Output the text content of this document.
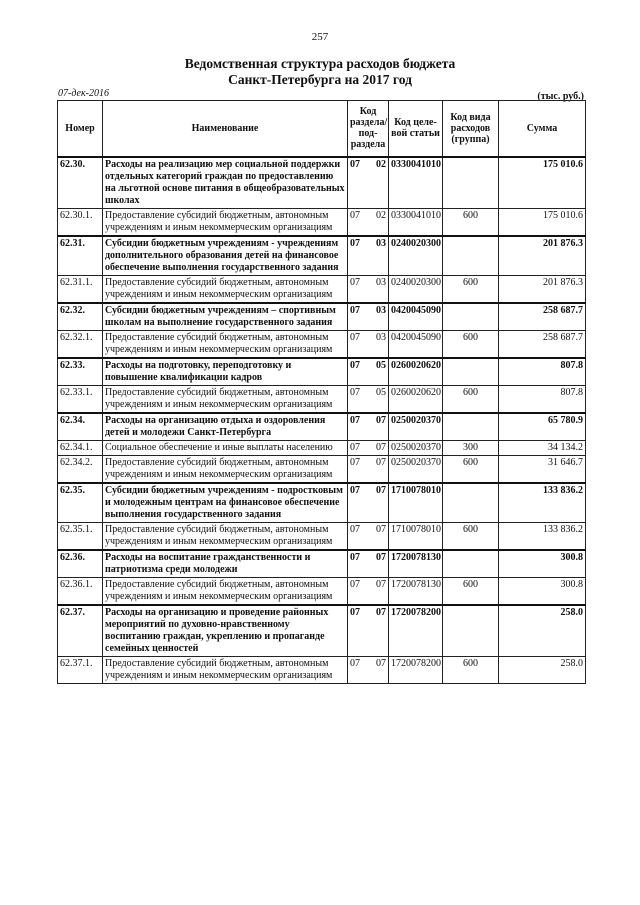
257
Ведомственная структура расходов бюджета
Санкт-Петербурга на 2017 год
07-дек-2016	(тыс. руб.)
Номер	Наименование	Код раздела/ под-раздела	Код целе-вой статьи	Код вида расходов (группа)	Сумма
62.30.	Расходы на реализацию мер социальной поддержки отдельных категорий граждан по предоставлению на льготной основе питания в общеобразовательных школах	07 02	0330041010		175 010.6
62.30.1.	Предоставление субсидий бюджетным, автономным учреждениям и иным некоммерческим организациям	07 02	0330041010	600	175 010.6
62.31.	Субсидии бюджетным учреждениям - учреждениям дополнительного образования детей на финансовое обеспечение выполнения государственного задания	07 03	0240020300		201 876.3
62.31.1.	Предоставление субсидий бюджетным, автономным учреждениям и иным некоммерческим организациям	07 03	0240020300	600	201 876.3
62.32.	Субсидии бюджетным учреждениям – спортивным школам на выполнение государственного задания	07 03	0420045090		258 687.7
62.32.1.	Предоставление субсидий бюджетным, автономным учреждениям и иным некоммерческим организациям	07 03	0420045090	600	258 687.7
62.33.	Расходы на подготовку, переподготовку и повышение квалификации кадров	07 05	0260020620		807.8
62.33.1.	Предоставление субсидий бюджетным, автономным учреждениям и иным некоммерческим организациям	07 05	0260020620	600	807.8
62.34.	Расходы на организацию отдыха и оздоровления детей и молодежи Санкт-Петербурга	07 07	0250020370		65 780.9
62.34.1.	Социальное обеспечение и иные выплаты населению	07 07	0250020370	300	34 134.2
62.34.2.	Предоставление субсидий бюджетным, автономным учреждениям и иным некоммерческим организациям	07 07	0250020370	600	31 646.7
62.35.	Субсидии бюджетным учреждениям - подростковым и молодежным центрам на финансовое обеспечение выполнения государственного задания	07 07	1710078010		133 836.2
62.35.1.	Предоставление субсидий бюджетным, автономным учреждениям и иным некоммерческим организациям	07 07	1710078010	600	133 836.2
62.36.	Расходы на воспитание гражданственности и патриотизма среди молодежи	07 07	1720078130		300.8
62.36.1.	Предоставление субсидий бюджетным, автономным учреждениям и иным некоммерческим организациям	07 07	1720078130	600	300.8
62.37.	Расходы на организацию и проведение районных мероприятий по духовно-нравственному воспитанию граждан, укреплению и пропаганде семейных ценностей	07 07	1720078200		258.0
62.37.1.	Предоставление субсидий бюджетным, автономным учреждениям и иным некоммерческим организациям	07 07	1720078200	600	258.0
